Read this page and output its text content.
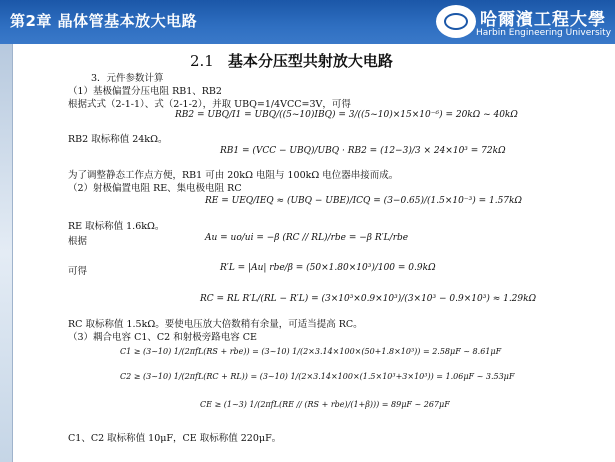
第2章 晶体管基本放大电路	哈爾濱工程大學
Harbin Engineering University
2.1 基本分压型共射放大电路
3．元件参数计算
（1）基极偏置分压电阻 RB1、RB2
根据式式（2-1-1）、式（2-1-2），并取 UBQ=1/4VCC=3V，可得
RB2 = UBQ/I1 = UBQ/((5~10)IBQ) = 3/((5~10)×15×10⁻⁶) = 20kΩ ~ 40kΩ
RB2 取标称值 24kΩ。
RB1 = (VCC − UBQ)/UBQ · RB2 = (12−3)/3 × 24×10³ = 72kΩ
为了调整静态工作点方便，RB1 可由 20kΩ 电阻与 100kΩ 电位器串接而成。
（2）射极偏置电阻 RE、集电极电阻 RC
RE = UEQ/IEQ ≈ (UBQ − UBE)/ICQ = (3−0.65)/(1.5×10⁻³) = 1.57kΩ
RE 取标称值 1.6kΩ。
根据	Au = uo/ui = −β (RC // RL)/rbe = −β R′L/rbe
可得	R′L = |Au| rbe/β = (50×1.80×10³)/100 = 0.9kΩ
RC = RL R′L/(RL − R′L) = (3×10³×0.9×10³)/(3×10³ − 0.9×10³) ≈ 1.29kΩ
RC 取标称值 1.5kΩ。要使电压放大倍数稍有余量，可适当提高 RC。
（3）耦合电容 C1、C2 和射极旁路电容 CE
C1 ≥ (3~10) 1/(2πfL(RS + rbe)) = (3~10) 1/(2×3.14×100×(50+1.8×10³)) = 2.58μF ~ 8.61μF
C2 ≥ (3~10) 1/(2πfL(RC + RL)) = (3~10) 1/(2×3.14×100×(1.5×10³+3×10³)) = 1.06μF ~ 3.53μF
CE ≥ (1~3) 1/(2πfL(RE // (RS + rbe)/(1+β))) = 89μF ~ 267μF
C1、C2 取标称值 10μF，CE 取标称值 220μF。
